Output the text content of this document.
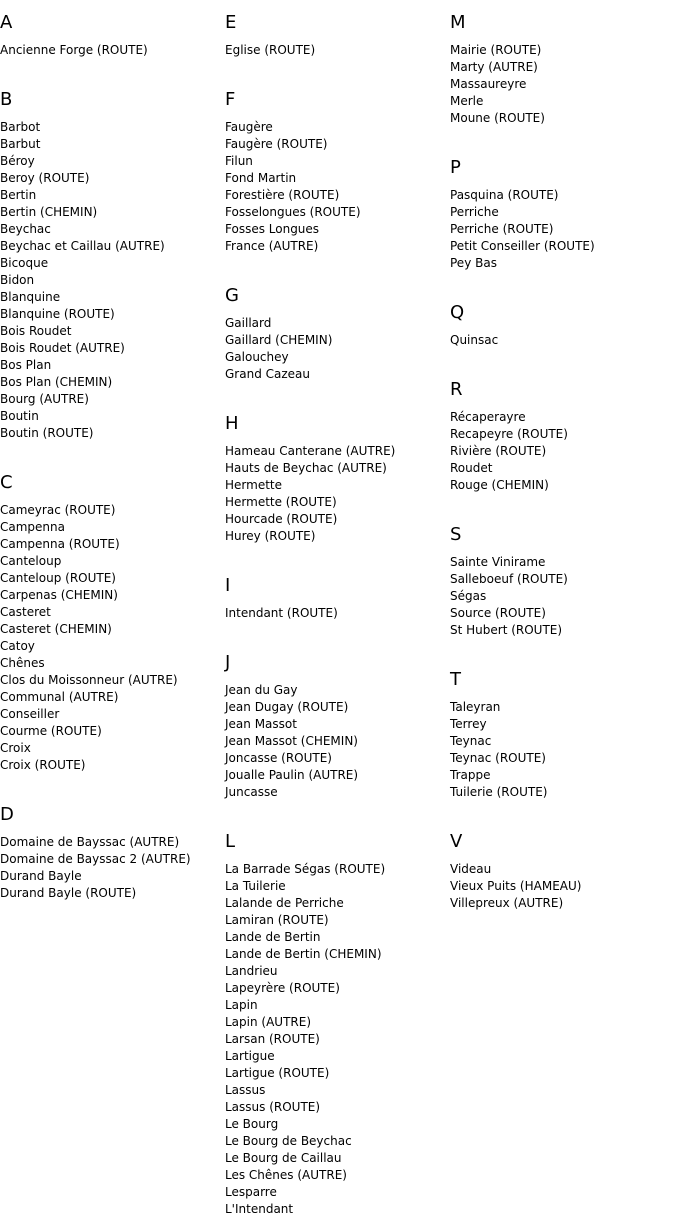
A
Ancienne Forge (ROUTE)
B
Barbot
Barbut
Béroy
Beroy (ROUTE)
Bertin
Bertin (CHEMIN)
Beychac
Beychac et Caillau (AUTRE)
Bicoque
Bidon
Blanquine
Blanquine (ROUTE)
Bois Roudet
Bois Roudet (AUTRE)
Bos Plan
Bos Plan (CHEMIN)
Bourg (AUTRE)
Boutin
Boutin (ROUTE)
C
Cameyrac (ROUTE)
Campenna
Campenna (ROUTE)
Canteloup
Canteloup (ROUTE)
Carpenas (CHEMIN)
Casteret
Casteret (CHEMIN)
Catoy
Chênes
Clos du Moissonneur (AUTRE)
Communal (AUTRE)
Conseiller
Courme (ROUTE)
Croix
Croix (ROUTE)
D
Domaine de Bayssac (AUTRE)
Domaine de Bayssac 2 (AUTRE)
Durand Bayle
Durand Bayle (ROUTE)
E
Eglise (ROUTE)
F
Faugère
Faugère (ROUTE)
Filun
Fond Martin
Forestière (ROUTE)
Fosselongues (ROUTE)
Fosses Longues
France (AUTRE)
G
Gaillard
Gaillard (CHEMIN)
Galouchey
Grand Cazeau
H
Hameau Canterane (AUTRE)
Hauts de Beychac (AUTRE)
Hermette
Hermette (ROUTE)
Hourcade (ROUTE)
Hurey (ROUTE)
I
Intendant (ROUTE)
J
Jean du Gay
Jean Dugay (ROUTE)
Jean Massot
Jean Massot (CHEMIN)
Joncasse (ROUTE)
Joualle Paulin (AUTRE)
Juncasse
L
La Barrade Ségas (ROUTE)
La Tuilerie
Lalande de Perriche
Lamiran (ROUTE)
Lande de Bertin
Lande de Bertin (CHEMIN)
Landrieu
Lapeyrère (ROUTE)
Lapin
Lapin (AUTRE)
Larsan (ROUTE)
Lartigue
Lartigue (ROUTE)
Lassus
Lassus (ROUTE)
Le Bourg
Le Bourg de Beychac
Le Bourg de Caillau
Les Chênes (AUTRE)
Lesparre
L'Intendant
M
Mairie (ROUTE)
Marty (AUTRE)
Massaureyre
Merle
Moune (ROUTE)
P
Pasquina (ROUTE)
Perriche
Perriche (ROUTE)
Petit Conseiller (ROUTE)
Pey Bas
Q
Quinsac
R
Récaperayre
Recapeyre (ROUTE)
Rivière (ROUTE)
Roudet
Rouge (CHEMIN)
S
Sainte Vinirame
Salleboeuf (ROUTE)
Ségas
Source (ROUTE)
St Hubert (ROUTE)
T
Taleyran
Terrey
Teynac
Teynac (ROUTE)
Trappe
Tuilerie (ROUTE)
V
Videau
Vieux Puits (HAMEAU)
Villepreux (AUTRE)
